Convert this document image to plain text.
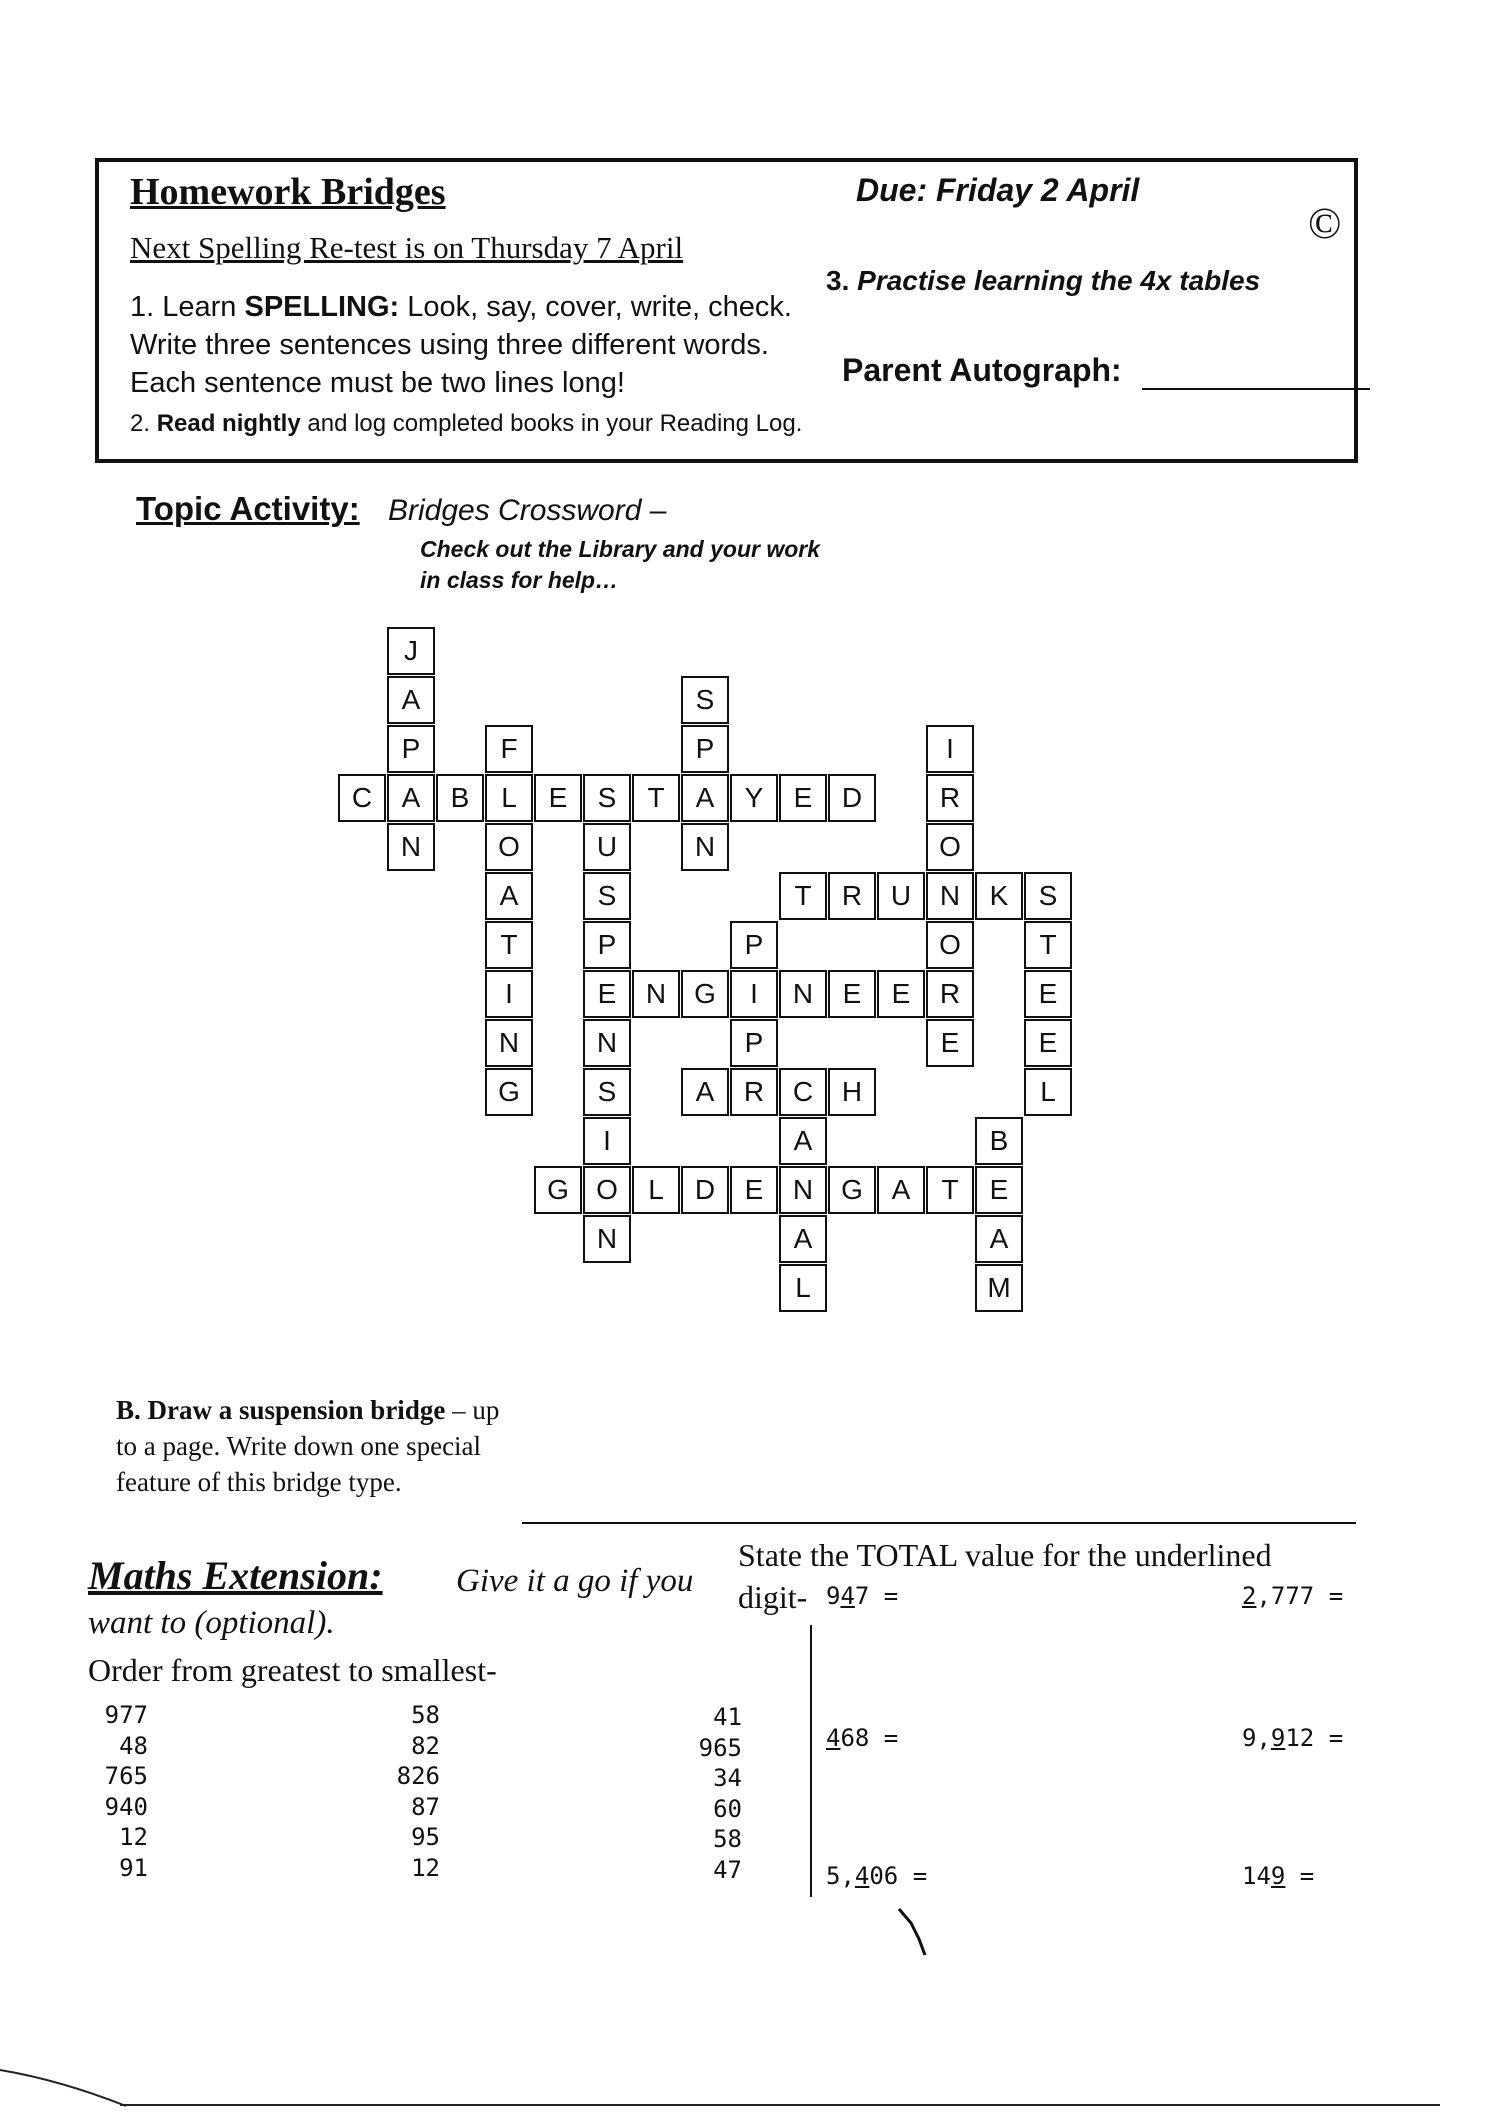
Homework Bridges
Next Spelling Re-test is on Thursday 7 April
1. Learn SPELLING: Look, say, cover, write, check. Write three sentences using three different words. Each sentence must be two lines long!
2. Read nightly and log completed books in your Reading Log.
Due: Friday 2 April
©
3. Practise learning the 4x tables
Parent Autograph:
Topic Activity: Bridges Crossword –
Check out the Library and your work in class for help…
J
A
P
A
N
S
P
A
N
F
L
O
A
T
I
N
G
I
R
O
N
O
R
E
C	B	E	S	T	Y	E	D
U
S
P
E
N
S
I
O
N
T	R	U	K	S
T
E
E
L
P
I
P
R
N	G	N	E	E
A	C	H
A
N
A
L
B
E
A
M
G	L	D	E	G	A	T
B. Draw a suspension bridge – up to a page. Write down one special feature of this bridge type.
Maths Extension:	Give it a go if you want to (optional).
Order from greatest to smallest-
977
48
765
940
12
91
58
82
826
87
95
12
41
965
34
60
58
47
State the TOTAL value for the underlined digit- 947 =	2,777 =
468 =	9,912 =
5,406 =	149 =
